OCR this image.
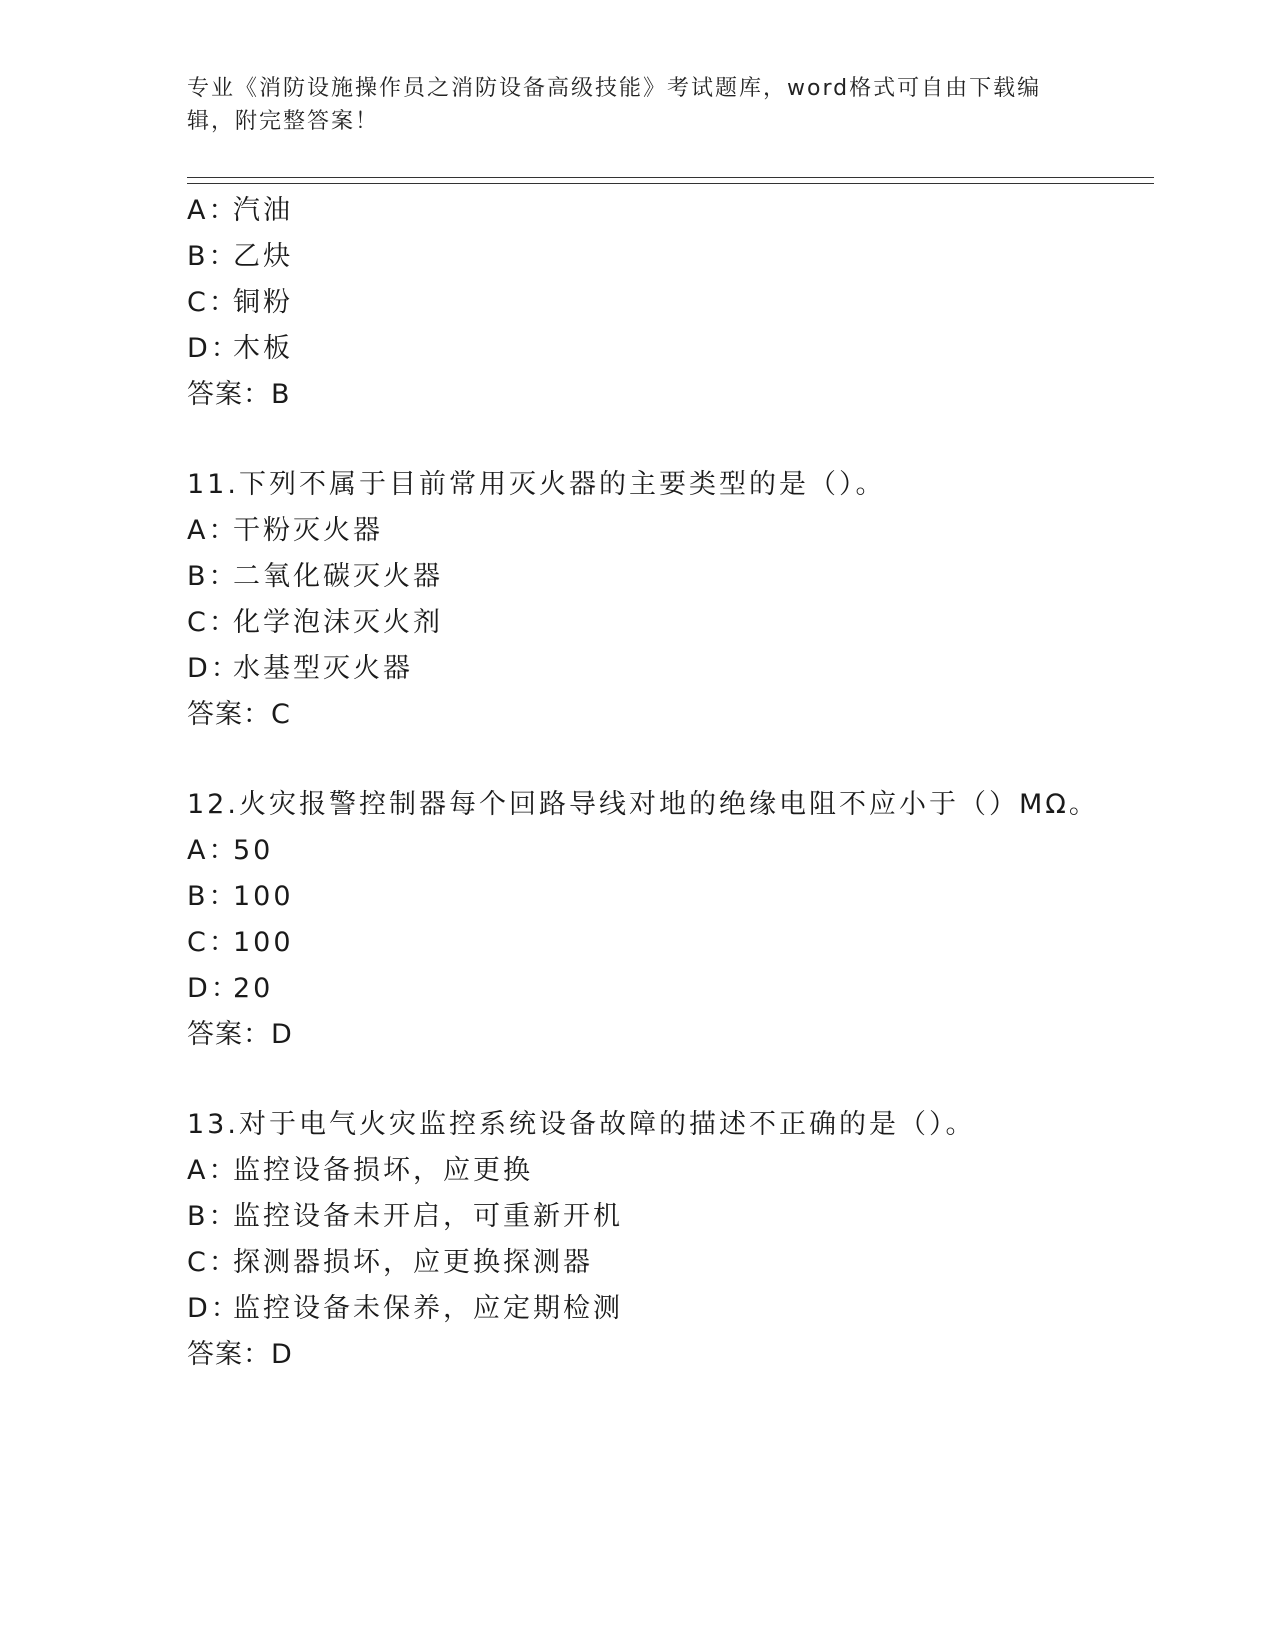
专业《消防设施操作员之消防设备高级技能》考试题库，word格式可自由下载编辑，附完整答案！
A：汽油
B：乙炔
C：铜粉
D：木板
答案：B
11.下列不属于目前常用灭火器的主要类型的是（）。
A：干粉灭火器
B：二氧化碳灭火器
C：化学泡沫灭火剂
D：水基型灭火器
答案：C
12.火灾报警控制器每个回路导线对地的绝缘电阻不应小于（）MΩ。
A：50
B：100
C：100
D：20
答案：D
13.对于电气火灾监控系统设备故障的描述不正确的是（）。
A：监控设备损坏，应更换
B：监控设备未开启，可重新开机
C：探测器损坏，应更换探测器
D：监控设备未保养，应定期检测
答案：D
